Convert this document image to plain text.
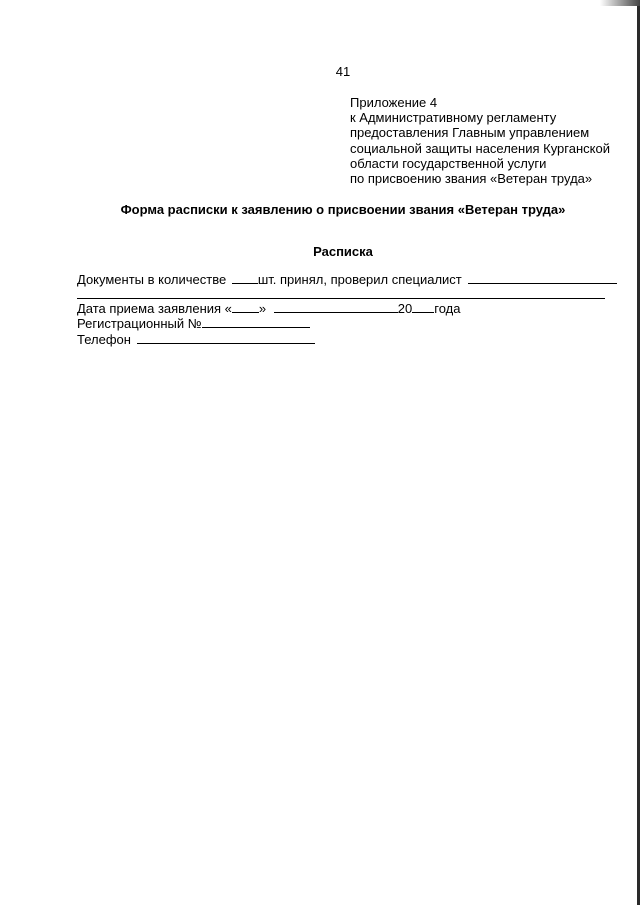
41
Приложение 4
к Административному регламенту
предоставления Главным управлением
социальной защиты населения Курганской
области государственной услуги
по присвоению звания «Ветеран труда»
Форма расписки к заявлению о присвоении звания «Ветеран труда»
Расписка
Документы в количестве шт. принял, проверил специалист
Дата приема заявления « »	20 года
Регистрационный №
Телефон
